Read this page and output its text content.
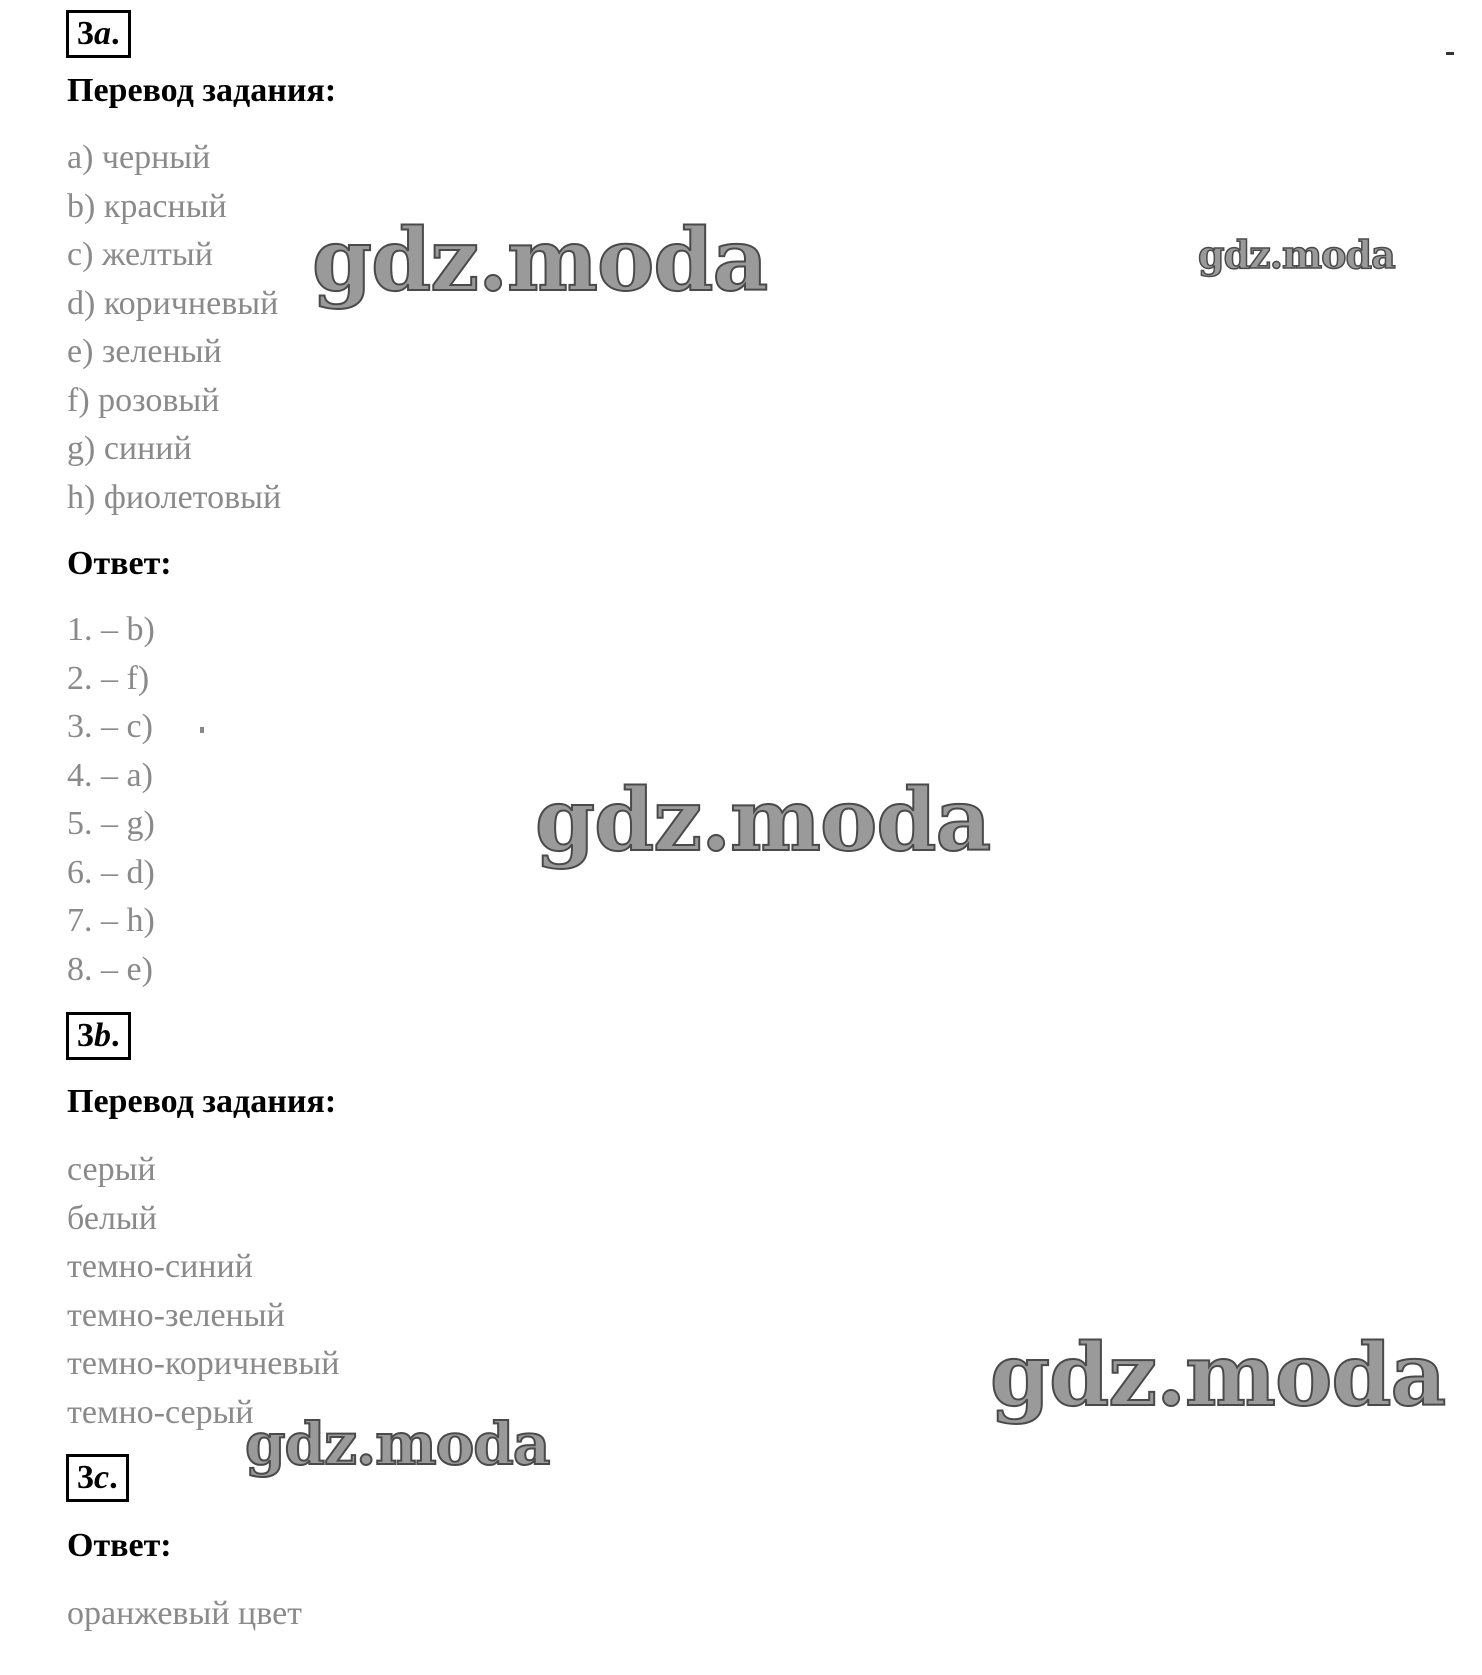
3a.
Перевод задания:
a) черный
b) красный
c) желтый
d) коричневый
e) зеленый
f) розовый
g) синий
h) фиолетовый
Ответ:
1. – b)
2. – f)
3. – c)
4. – a)
5. – g)
6. – d)
7. – h)
8. – e)
3b.
Перевод задания:
серый
белый
темно-синий
темно-зеленый
темно-коричневый
темно-серый
3c.
Ответ:
оранжевый цвет
gdz.moda	gdz.moda
gdz.moda
gdz.moda
gdz.moda
